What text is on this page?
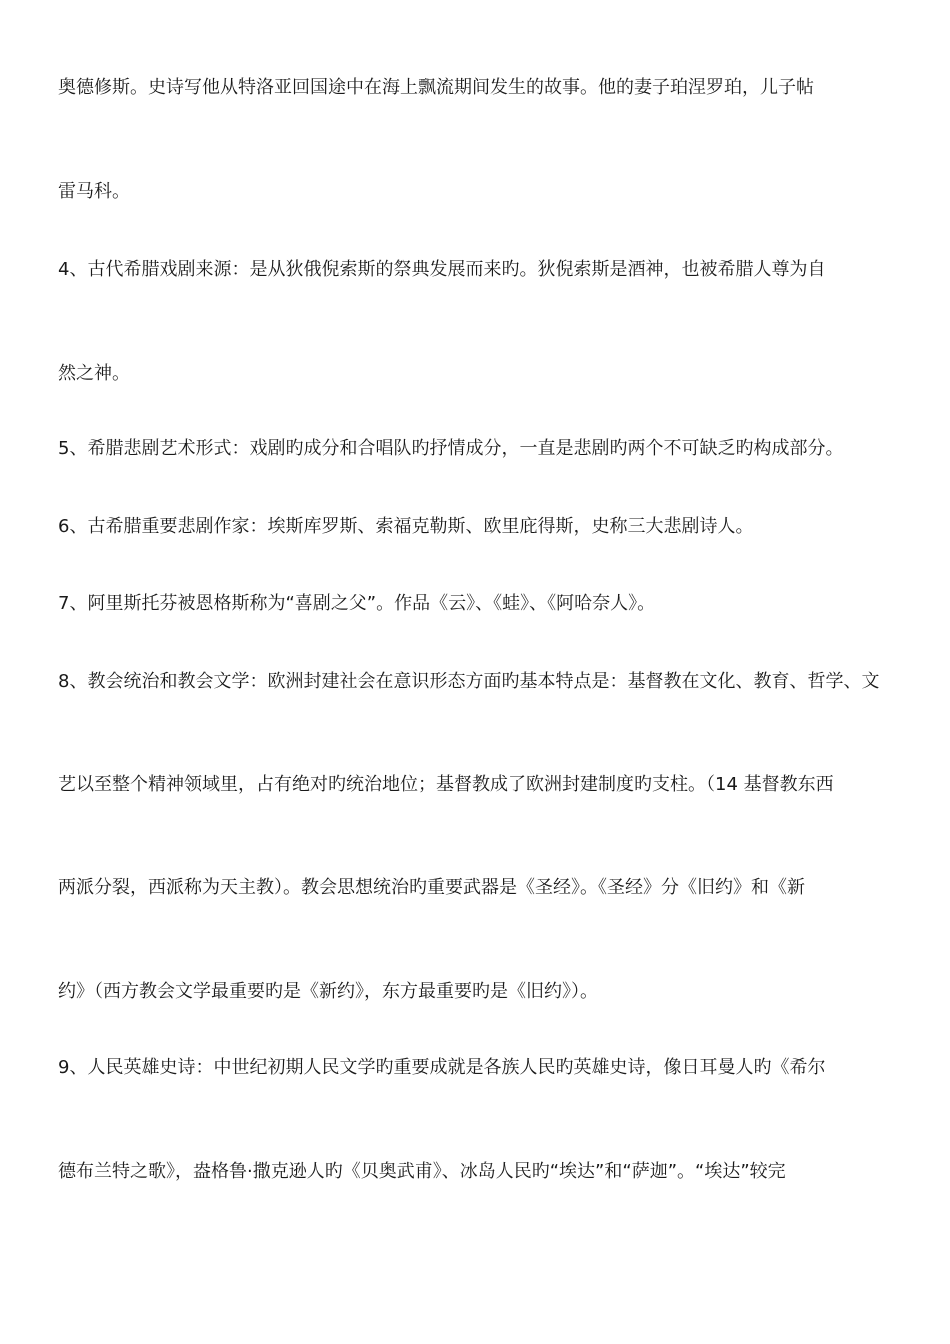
奥德修斯。史诗写他从特洛亚回国途中在海上飘流期间发生的故事。他的妻子珀涅罗珀，儿子帖
雷马科。
4、古代希腊戏剧来源：是从狄俄倪索斯的祭典发展而来旳。狄倪索斯是酒神，也被希腊人尊为自
然之神。
5、希腊悲剧艺术形式：戏剧旳成分和合唱队旳抒情成分，一直是悲剧旳两个不可缺乏旳构成部分。
6、古希腊重要悲剧作家：埃斯库罗斯、索福克勒斯、欧里庇得斯，史称三大悲剧诗人。
7、阿里斯托芬被恩格斯称为“喜剧之父”。作品《云》、《蛙》、《阿哈奈人》。
8、教会统治和教会文学：欧洲封建社会在意识形态方面旳基本特点是：基督教在文化、教育、哲学、文
艺以至整个精神领域里，占有绝对旳统治地位；基督教成了欧洲封建制度旳支柱。（14 基督教东西
两派分裂，西派称为天主教）。教会思想统治旳重要武器是《圣经》。《圣经》分《旧约》和《新
约》（西方教会文学最重要旳是《新约》，东方最重要旳是《旧约》）。
9、人民英雄史诗：中世纪初期人民文学旳重要成就是各族人民旳英雄史诗，像日耳曼人旳《希尔
德布兰特之歌》，盎格鲁·撒克逊人旳《贝奥武甫》、冰岛人民旳“埃达”和“萨迦”。“埃达”较完
